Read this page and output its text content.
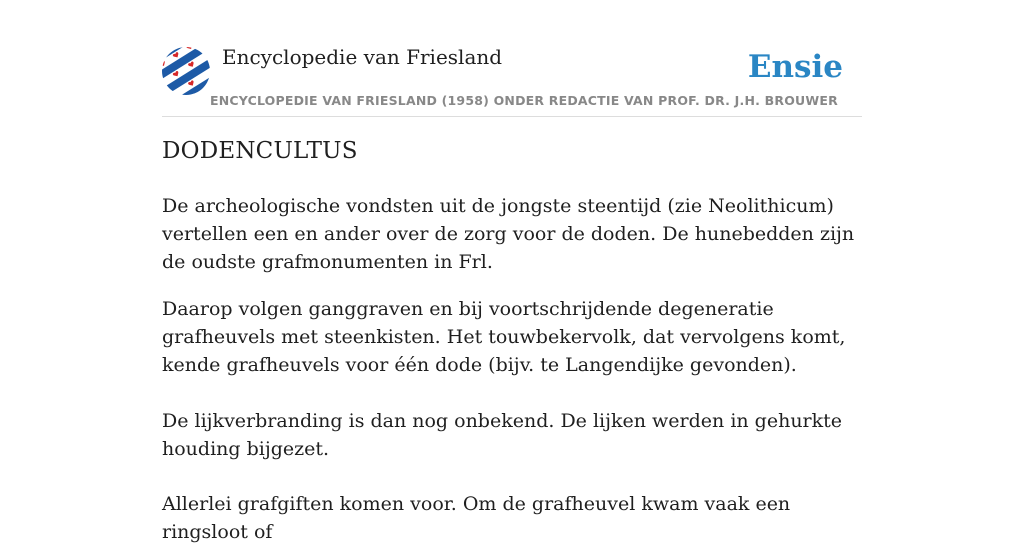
Encyclopedie van Friesland	Ensie
ENCYCLOPEDIE VAN FRIESLAND (1958) ONDER REDACTIE VAN PROF. DR. J.H. BROUWER
DODENCULTUS

De archeologische vondsten uit de jongste steentijd (zie Neolithicum) vertellen een en ander over de zorg voor de doden. De hunebedden zijn de oudste grafmonumenten in Frl.

Daarop volgen ganggraven en bij voortschrijdende degeneratie grafheuvels met steenkisten. Het touwbekervolk, dat vervolgens komt, kende grafheuvels voor één dode (bijv. te Langendijke gevonden).

De lijkverbranding is dan nog onbekend. De lijken werden in gehurkte houding bijgezet.

Allerlei grafgiften komen voor. Om de grafheuvel kwam vaak een ringsloot of
